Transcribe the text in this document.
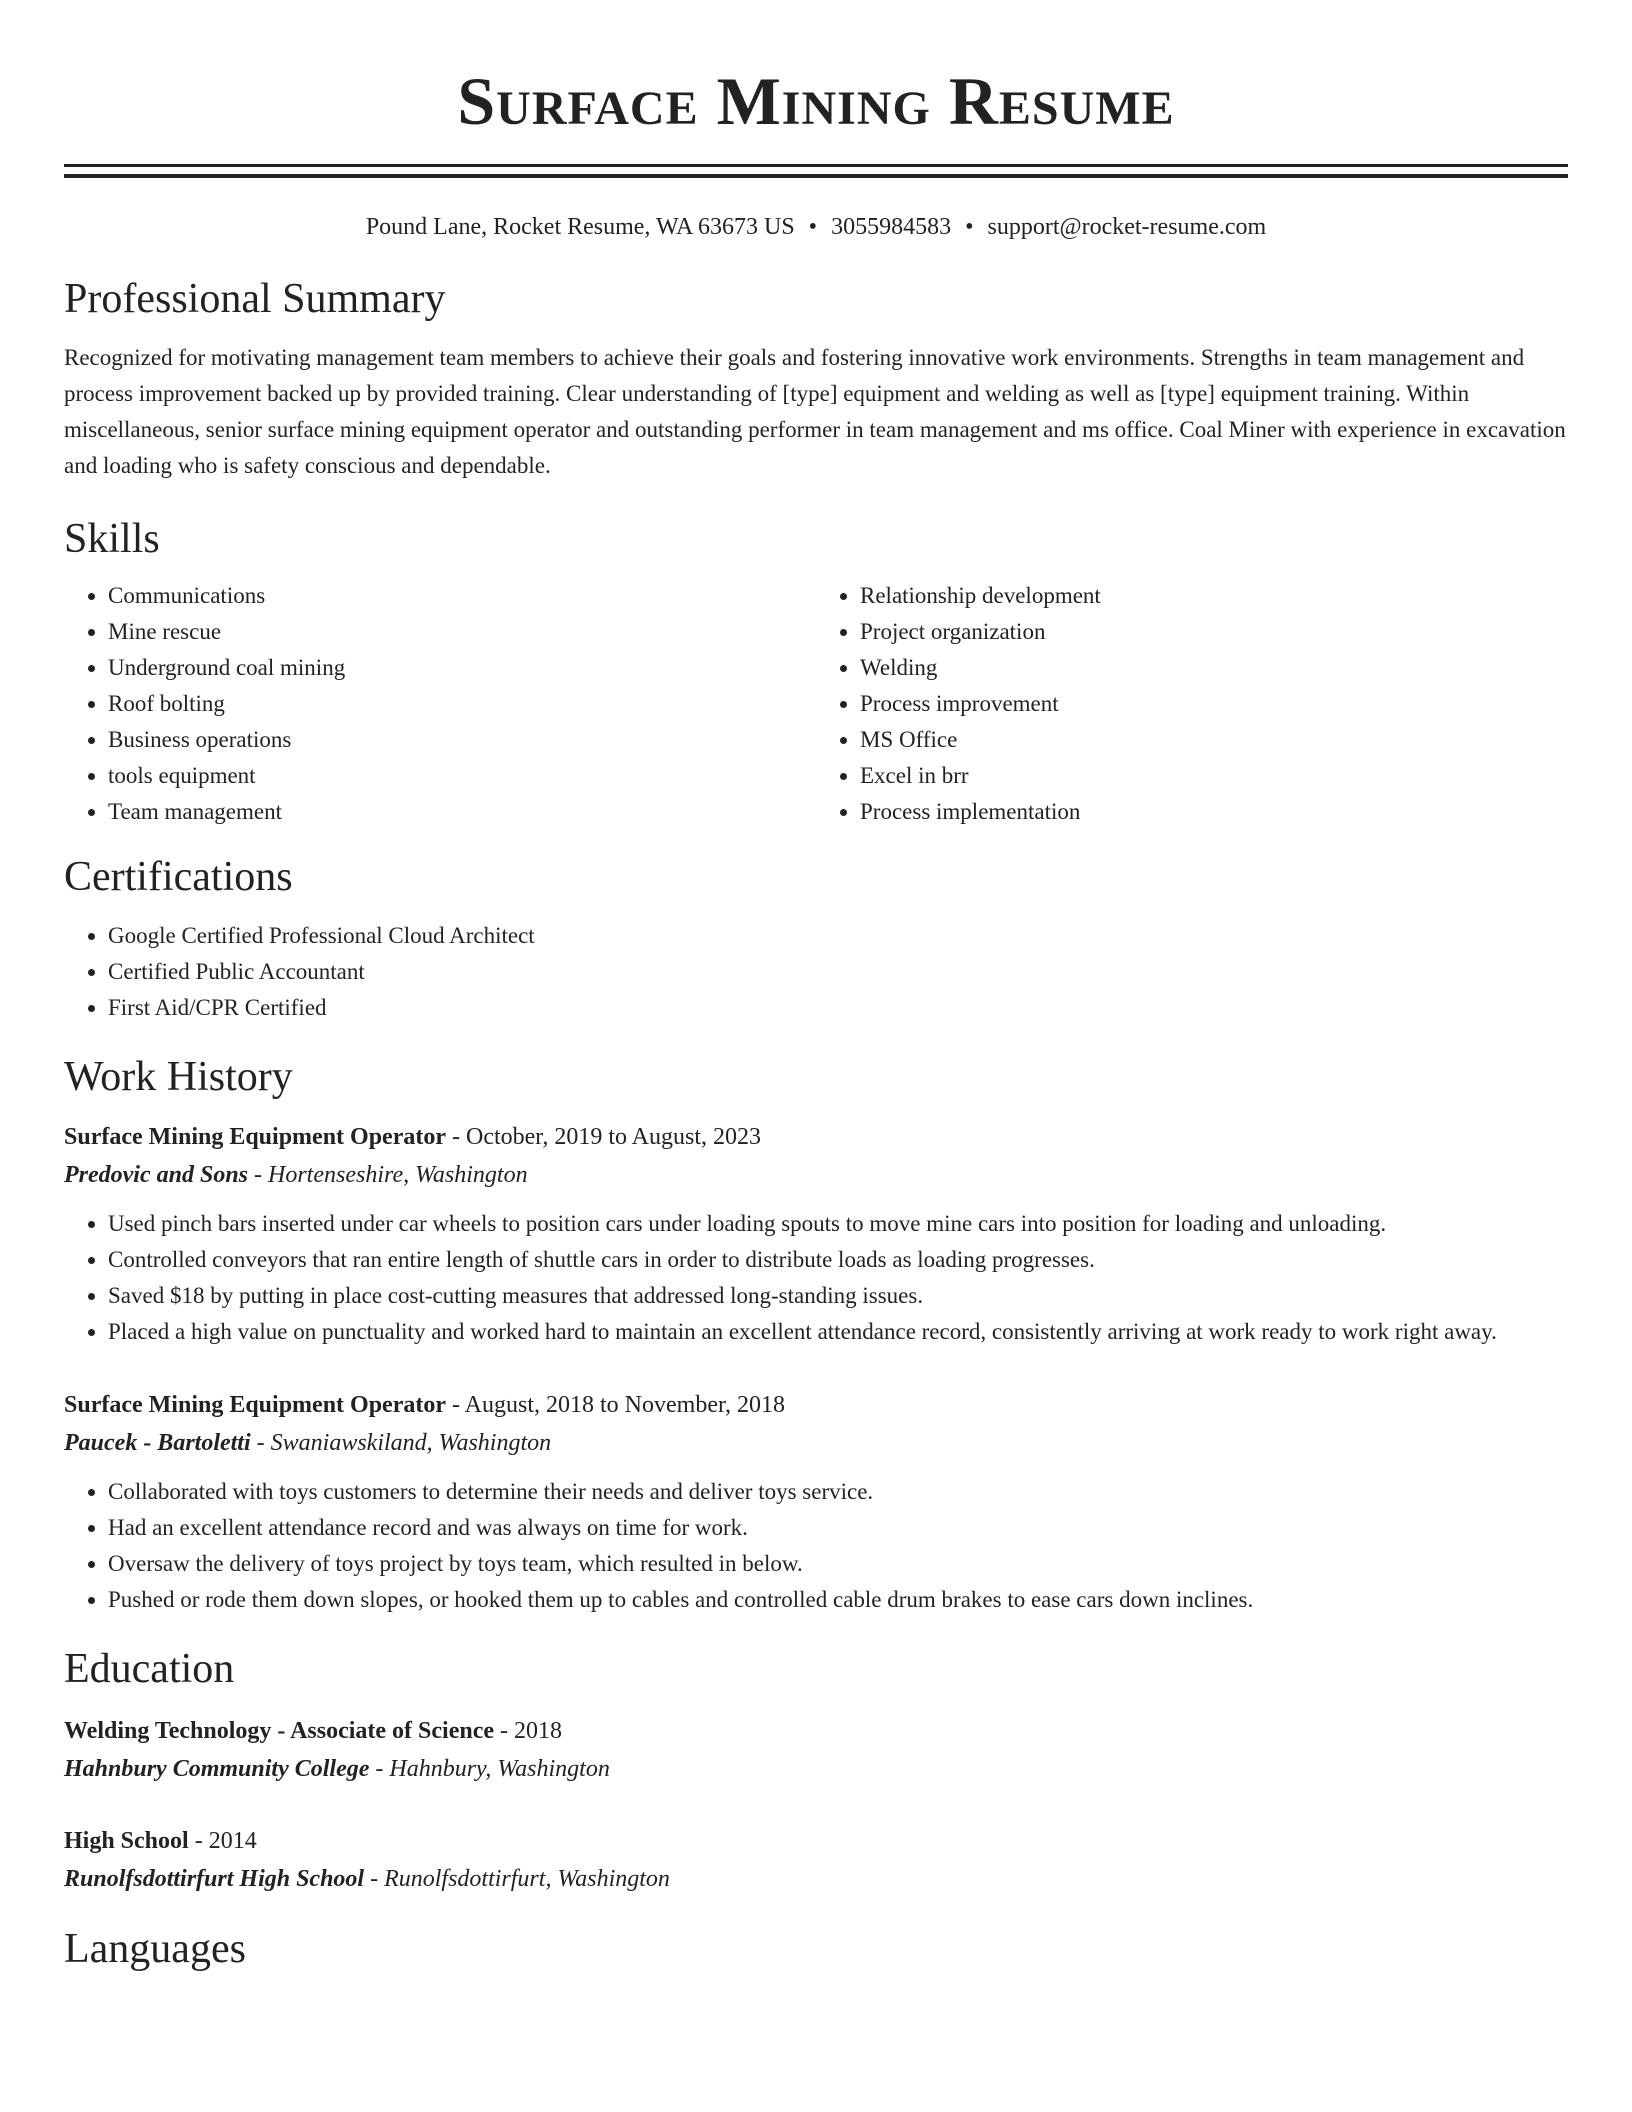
Surface Mining Resume
Pound Lane, Rocket Resume, WA 63673 US • 3055984583 • support@rocket-resume.com
Professional Summary
Recognized for motivating management team members to achieve their goals and fostering innovative work environments. Strengths in team management and process improvement backed up by provided training. Clear understanding of [type] equipment and welding as well as [type] equipment training. Within miscellaneous, senior surface mining equipment operator and outstanding performer in team management and ms office. Coal Miner with experience in excavation and loading who is safety conscious and dependable.
Skills
• Communications
• Mine rescue
• Underground coal mining
• Roof bolting
• Business operations
• tools equipment
• Team management
• Relationship development
• Project organization
• Welding
• Process improvement
• MS Office
• Excel in brr
• Process implementation
Certifications
• Google Certified Professional Cloud Architect
• Certified Public Accountant
• First Aid/CPR Certified
Work History
Surface Mining Equipment Operator - October, 2019 to August, 2023
Predovic and Sons - Hortenseshire, Washington
• Used pinch bars inserted under car wheels to position cars under loading spouts to move mine cars into position for loading and unloading.
• Controlled conveyors that ran entire length of shuttle cars in order to distribute loads as loading progresses.
• Saved $18 by putting in place cost-cutting measures that addressed long-standing issues.
• Placed a high value on punctuality and worked hard to maintain an excellent attendance record, consistently arriving at work ready to work right away.
Surface Mining Equipment Operator - August, 2018 to November, 2018
Paucek - Bartoletti - Swaniawskiland, Washington
• Collaborated with toys customers to determine their needs and deliver toys service.
• Had an excellent attendance record and was always on time for work.
• Oversaw the delivery of toys project by toys team, which resulted in below.
• Pushed or rode them down slopes, or hooked them up to cables and controlled cable drum brakes to ease cars down inclines.
Education
Welding Technology - Associate of Science - 2018
Hahnbury Community College - Hahnbury, Washington
High School - 2014
Runolfsdottirfurt High School - Runolfsdottirfurt, Washington
Languages
